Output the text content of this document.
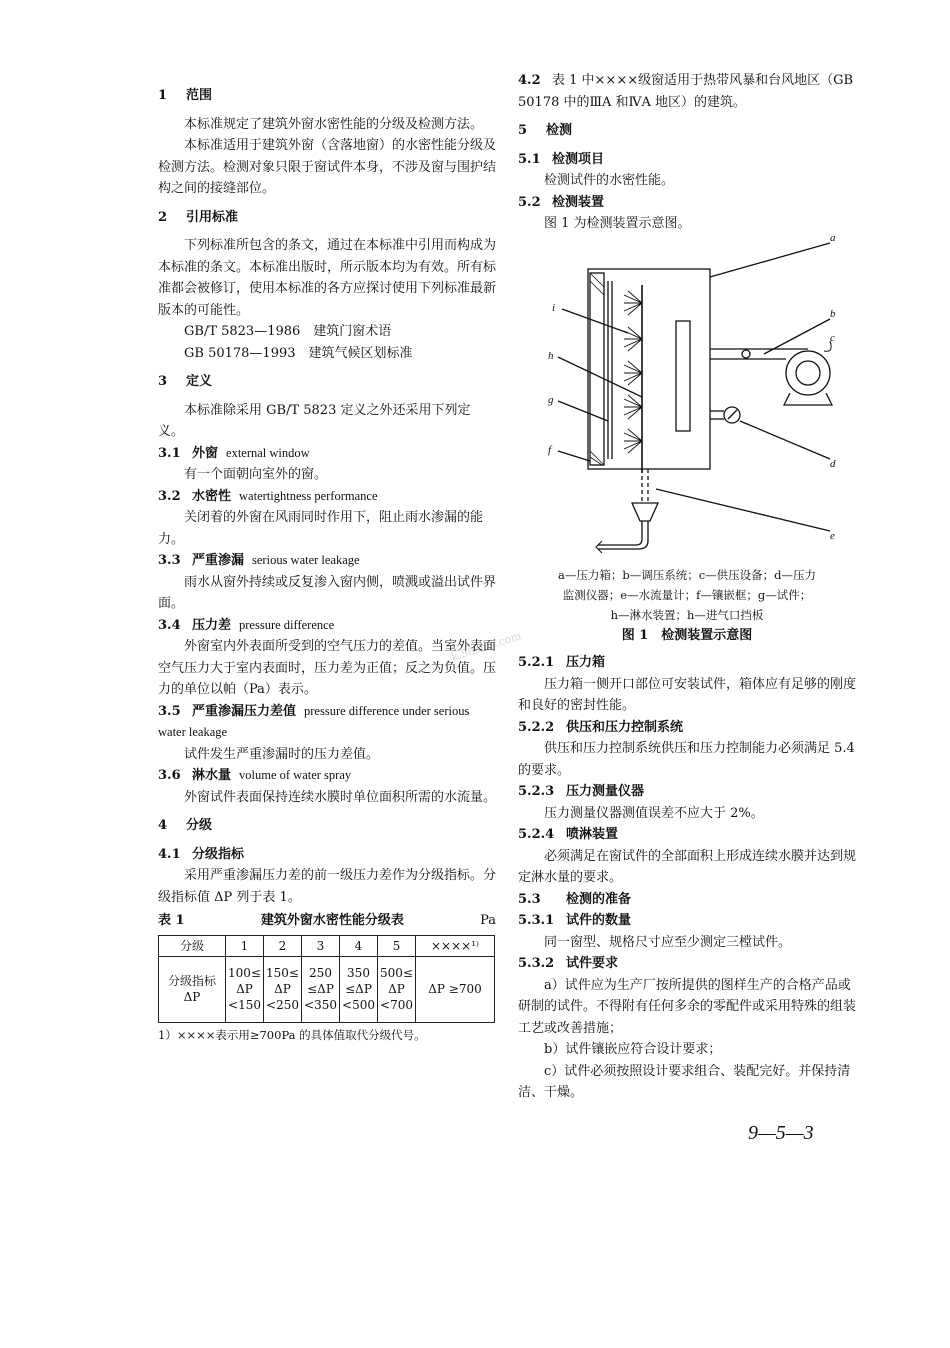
k.58sms.com
1 范围

本标准规定了建筑外窗水密性能的分级及检测方法。

本标准适用于建筑外窗（含落地窗）的水密性能分级及检测方法。检测对象只限于窗试件本身，不涉及窗与围护结构之间的接缝部位。

2 引用标准

下列标准所包含的条文，通过在本标准中引用而构成为本标准的条文。本标准出版时，所示版本均为有效。所有标准都会被修订，使用本标准的各方应探讨使用下列标准最新版本的可能性。

GB/T 5823—1986　建筑门窗术语

GB 50178—1993　建筑气候区划标准

3 定义

本标准除采用 GB/T 5823 定义之外还采用下列定义。

3.1 外窗 external window

有一个面朝向室外的窗。

3.2 水密性 watertightness performance

关闭着的外窗在风雨同时作用下，阻止雨水渗漏的能力。

3.3 严重渗漏 serious water leakage

雨水从窗外持续或反复渗入窗内侧，喷溅或溢出试件界面。

3.4 压力差 pressure difference

外窗室内外表面所受到的空气压力的差值。当室外表面空气压力大于室内表面时，压力差为正值；反之为负值。压力的单位以帕（Pa）表示。

3.5 严重渗漏压力差值 pressure difference under serious water leakage

试件发生严重渗漏时的压力差值。

3.6 淋水量 volume of water spray

外窗试件表面保持连续水膜时单位面积所需的水流量。

4 分级
4.1 分级指标

采用严重渗漏压力差的前一级压力差作为分级指标。分级指标值 ΔP 列于表 1。

表 1	建筑外窗水密性能分级表	Pa
分级	1	2	3	4	5	××××¹⁾
分级指标 ΔP	100≤ ΔP <150	150≤ ΔP <250	250 ≤ΔP <350	350 ≤ΔP <500	500≤ ΔP <700	ΔP ≥700

1）××××表示用≥700Pa 的具体值取代分级代号。

4.2 表 1 中××××级窗适用于热带风暴和台风地区（GB 50178 中的ⅢA 和ⅣA 地区）的建筑。

5 检测
5.1 检测项目

检测试件的水密性能。

5.2 检测装置

图 1 为检测装置示意图。

a
b
c
d
e
f
g
h
i

a—压力箱；b—调压系统；c—供压设备；d—压力

监测仪器；e—水流量计；f—镶嵌框；g—试件；

h—淋水装置；h—进气口挡板

图 1　检测装置示意图

5.2.1 压力箱

压力箱一侧开口部位可安装试件，箱体应有足够的刚度和良好的密封性能。

5.2.2 供压和压力控制系统

供压和压力控制系统供压和压力控制能力必须满足 5.4 的要求。

5.2.3 压力测量仪器

压力测量仪器测值误差不应大于 2%。

5.2.4 喷淋装置

必须满足在窗试件的全部面积上形成连续水膜并达到规定淋水量的要求。

5.3 检测的准备
5.3.1 试件的数量

同一窗型、规格尺寸应至少测定三樘试件。

5.3.2 试件要求

a）试件应为生产厂按所提供的图样生产的合格产品或研制的试件。不得附有任何多余的零配件或采用特殊的组装工艺或改善措施；

b）试件镶嵌应符合设计要求；

c）试件必须按照设计要求组合、装配完好。并保持清洁、干燥。

9—5—3
